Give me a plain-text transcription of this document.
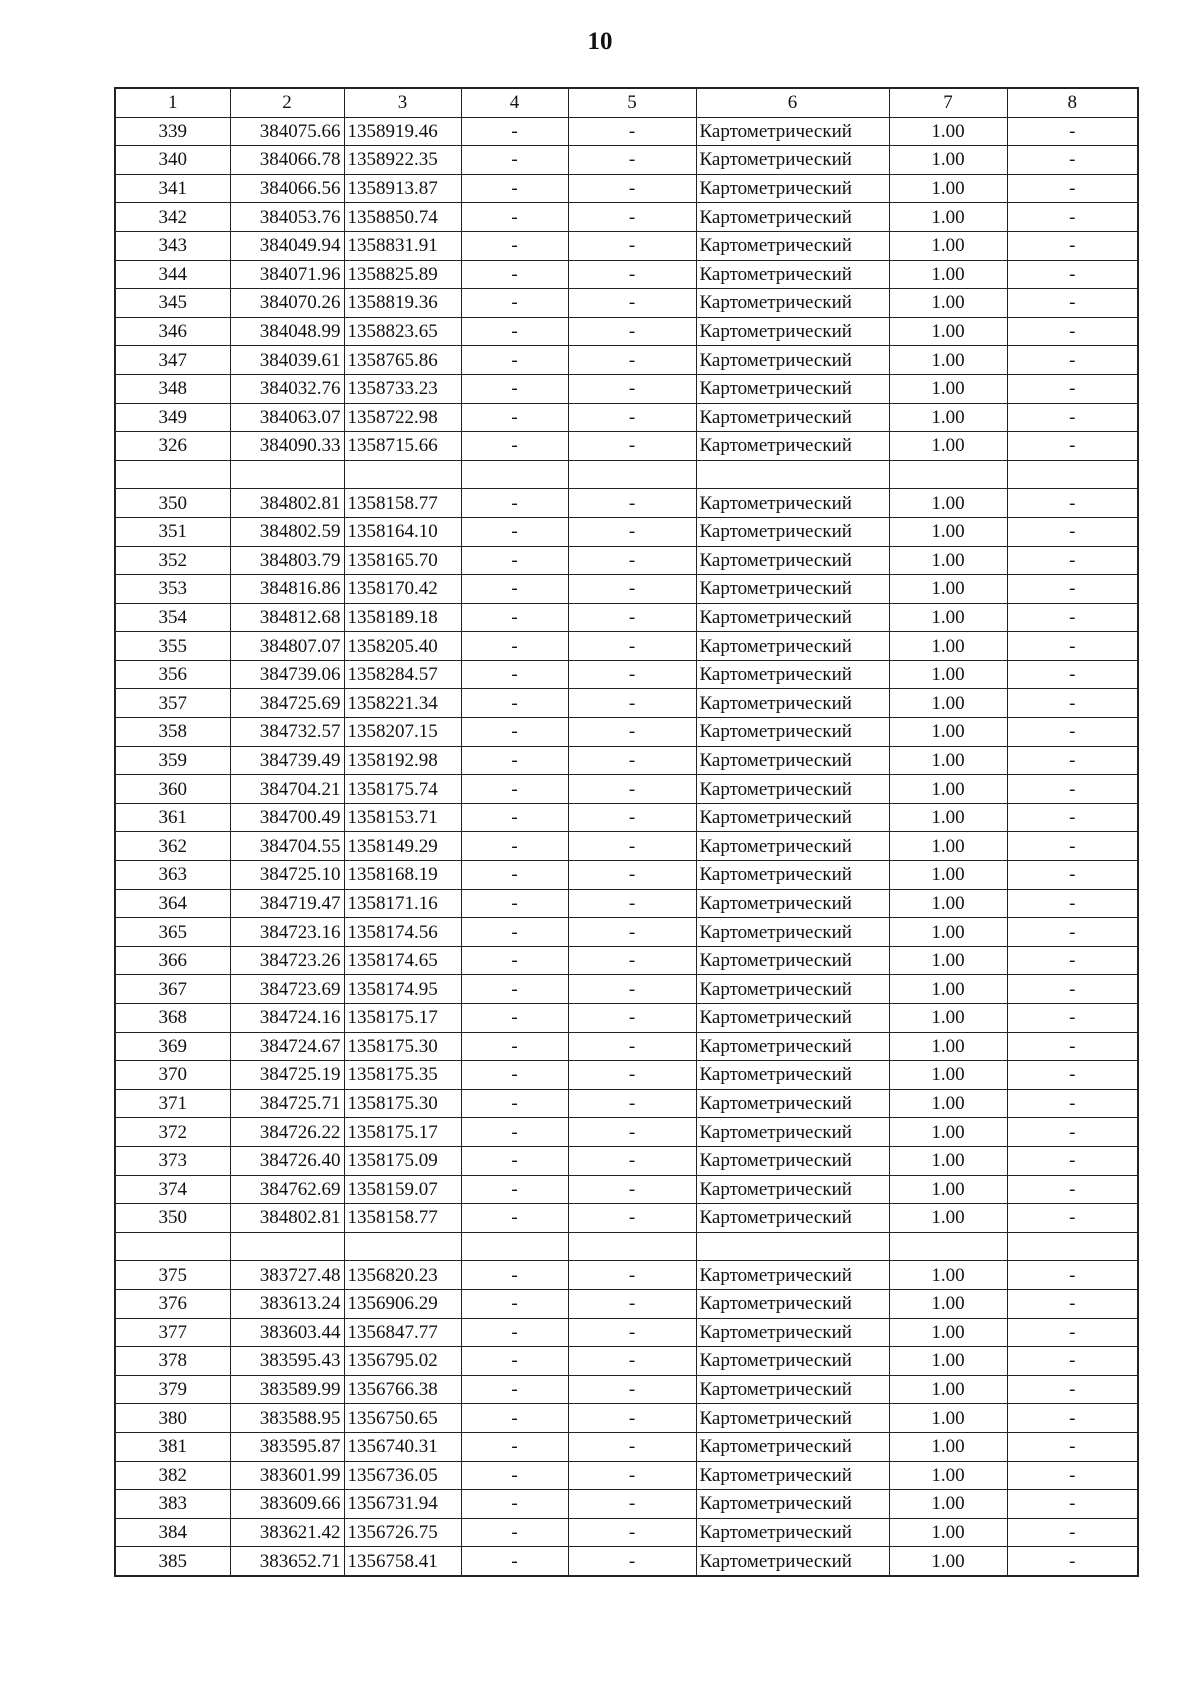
10
1	2	3	4	5	6	7	8
339	384075.66	1358919.46	-	-	Картометрический	1.00	-
340	384066.78	1358922.35	-	-	Картометрический	1.00	-
341	384066.56	1358913.87	-	-	Картометрический	1.00	-
342	384053.76	1358850.74	-	-	Картометрический	1.00	-
343	384049.94	1358831.91	-	-	Картометрический	1.00	-
344	384071.96	1358825.89	-	-	Картометрический	1.00	-
345	384070.26	1358819.36	-	-	Картометрический	1.00	-
346	384048.99	1358823.65	-	-	Картометрический	1.00	-
347	384039.61	1358765.86	-	-	Картометрический	1.00	-
348	384032.76	1358733.23	-	-	Картометрический	1.00	-
349	384063.07	1358722.98	-	-	Картометрический	1.00	-
326	384090.33	1358715.66	-	-	Картометрический	1.00	-

350	384802.81	1358158.77	-	-	Картометрический	1.00	-
351	384802.59	1358164.10	-	-	Картометрический	1.00	-
352	384803.79	1358165.70	-	-	Картометрический	1.00	-
353	384816.86	1358170.42	-	-	Картометрический	1.00	-
354	384812.68	1358189.18	-	-	Картометрический	1.00	-
355	384807.07	1358205.40	-	-	Картометрический	1.00	-
356	384739.06	1358284.57	-	-	Картометрический	1.00	-
357	384725.69	1358221.34	-	-	Картометрический	1.00	-
358	384732.57	1358207.15	-	-	Картометрический	1.00	-
359	384739.49	1358192.98	-	-	Картометрический	1.00	-
360	384704.21	1358175.74	-	-	Картометрический	1.00	-
361	384700.49	1358153.71	-	-	Картометрический	1.00	-
362	384704.55	1358149.29	-	-	Картометрический	1.00	-
363	384725.10	1358168.19	-	-	Картометрический	1.00	-
364	384719.47	1358171.16	-	-	Картометрический	1.00	-
365	384723.16	1358174.56	-	-	Картометрический	1.00	-
366	384723.26	1358174.65	-	-	Картометрический	1.00	-
367	384723.69	1358174.95	-	-	Картометрический	1.00	-
368	384724.16	1358175.17	-	-	Картометрический	1.00	-
369	384724.67	1358175.30	-	-	Картометрический	1.00	-
370	384725.19	1358175.35	-	-	Картометрический	1.00	-
371	384725.71	1358175.30	-	-	Картометрический	1.00	-
372	384726.22	1358175.17	-	-	Картометрический	1.00	-
373	384726.40	1358175.09	-	-	Картометрический	1.00	-
374	384762.69	1358159.07	-	-	Картометрический	1.00	-
350	384802.81	1358158.77	-	-	Картометрический	1.00	-

375	383727.48	1356820.23	-	-	Картометрический	1.00	-
376	383613.24	1356906.29	-	-	Картометрический	1.00	-
377	383603.44	1356847.77	-	-	Картометрический	1.00	-
378	383595.43	1356795.02	-	-	Картометрический	1.00	-
379	383589.99	1356766.38	-	-	Картометрический	1.00	-
380	383588.95	1356750.65	-	-	Картометрический	1.00	-
381	383595.87	1356740.31	-	-	Картометрический	1.00	-
382	383601.99	1356736.05	-	-	Картометрический	1.00	-
383	383609.66	1356731.94	-	-	Картометрический	1.00	-
384	383621.42	1356726.75	-	-	Картометрический	1.00	-
385	383652.71	1356758.41	-	-	Картометрический	1.00	-
